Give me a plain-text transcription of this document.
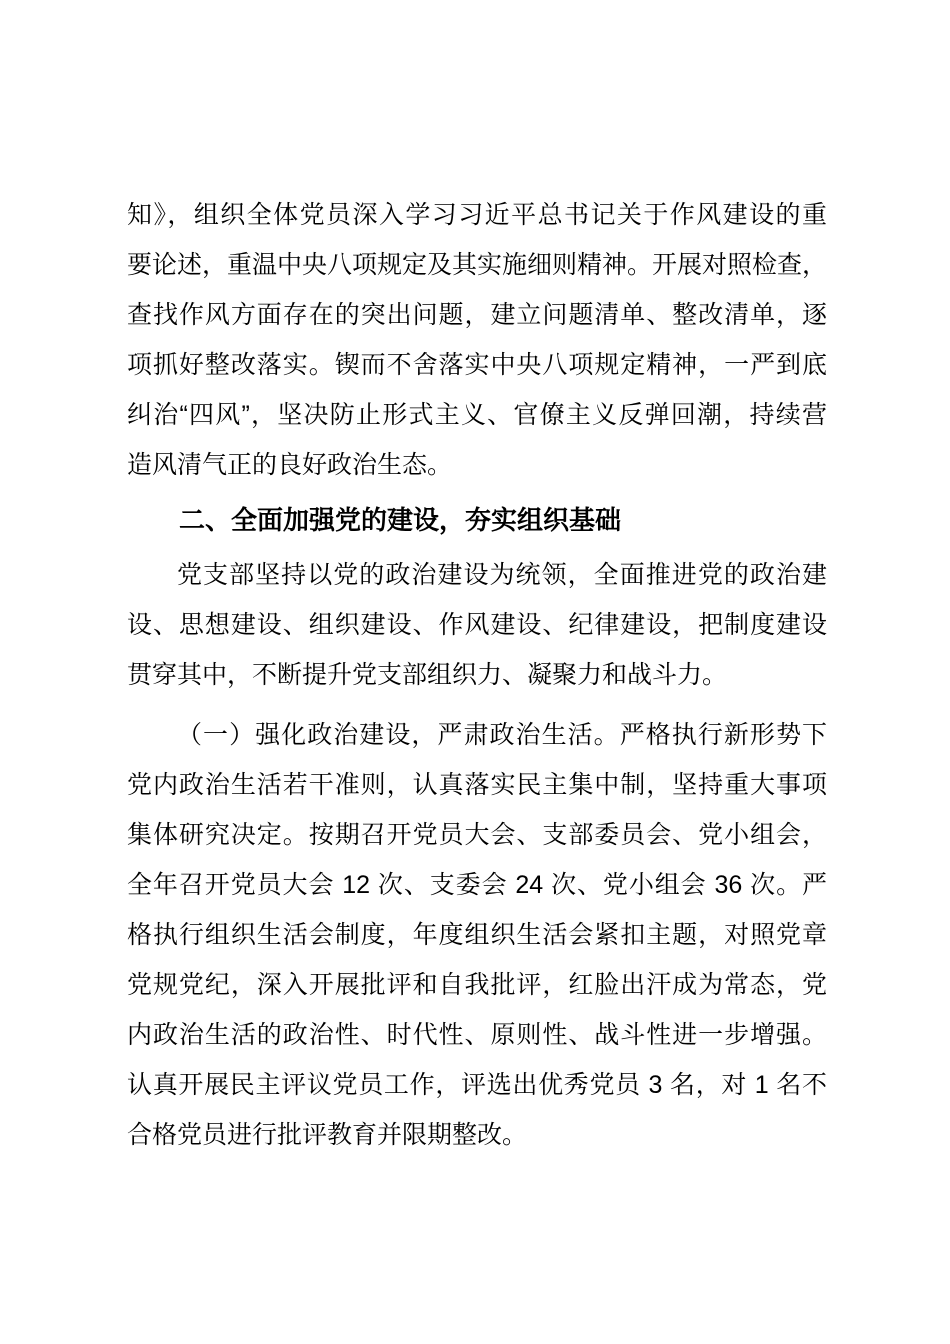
知》，组织全体党员深入学习习近平总书记关于作风建设的重
要论述，重温中央八项规定及其实施细则精神。开展对照检查，
查找作风方面存在的突出问题，建立问题清单、整改清单，逐
项抓好整改落实。锲而不舍落实中央八项规定精神，一严到底
纠治“四风”，坚决防止形式主义、官僚主义反弹回潮，持续营
造风清气正的良好政治生态。
二、全面加强党的建设，夯实组织基础
党支部坚持以党的政治建设为统领，全面推进党的政治建
设、思想建设、组织建设、作风建设、纪律建设，把制度建设
贯穿其中，不断提升党支部组织力、凝聚力和战斗力。
（一）强化政治建设，严肃政治生活。严格执行新形势下
党内政治生活若干准则，认真落实民主集中制，坚持重大事项
集体研究决定。按期召开党员大会、支部委员会、党小组会，
全年召开党员大会 12 次、支委会 24 次、党小组会 36 次。严
格执行组织生活会制度，年度组织生活会紧扣主题，对照党章
党规党纪，深入开展批评和自我批评，红脸出汗成为常态，党
内政治生活的政治性、时代性、原则性、战斗性进一步增强。
认真开展民主评议党员工作，评选出优秀党员 3 名，对 1 名不
合格党员进行批评教育并限期整改。
